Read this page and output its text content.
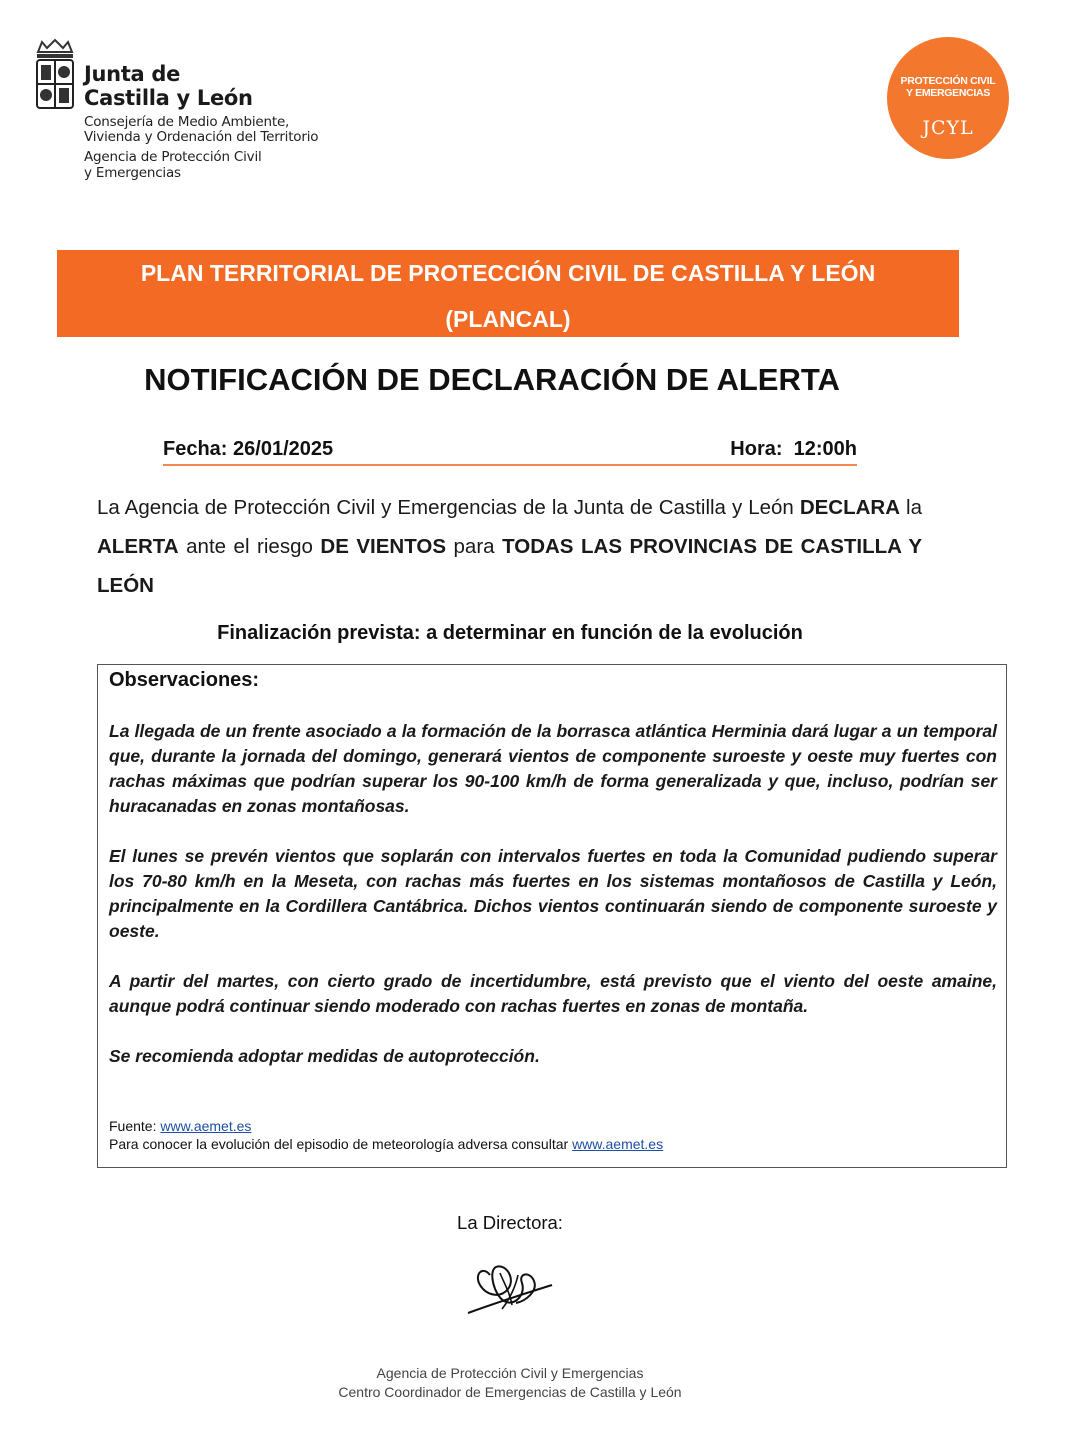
Junta de
Castilla y León
Consejería de Medio Ambiente,
Vivienda y Ordenación del Territorio
Agencia de Protección Civil
y Emergencias
PROTECCIÓN CIVIL
Y EMERGENCIAS
JCYL
PLAN TERRITORIAL DE PROTECCIÓN CIVIL DE CASTILLA Y LEÓN
(PLANCAL)
NOTIFICACIÓN DE DECLARACIÓN DE ALERTA
Fecha: 26/01/2025	Hora:  12:00h
La Agencia de Protección Civil y Emergencias de la Junta de Castilla y León DECLARA la ALERTA ante el riesgo DE VIENTOS para TODAS LAS PROVINCIAS DE CASTILLA Y LEÓN
Finalización prevista: a determinar en función de la evolución
Observaciones:
La llegada de un frente asociado a la formación de la borrasca atlántica Herminia dará lugar a un temporal que, durante la jornada del domingo, generará vientos de componente suroeste y oeste muy fuertes con rachas máximas que podrían superar los 90-100 km/h de forma generalizada y que, incluso, podrían ser huracanadas en zonas montañosas.
El lunes se prevén vientos que soplarán con intervalos fuertes en toda la Comunidad pudiendo superar los 70-80 km/h en la Meseta, con rachas más fuertes en los sistemas montañosos de Castilla y León, principalmente en la Cordillera Cantábrica. Dichos vientos continuarán siendo de componente suroeste y oeste.
A partir del martes, con cierto grado de incertidumbre, está previsto que el viento del oeste amaine, aunque podrá continuar siendo moderado con rachas fuertes en zonas de montaña.
Se recomienda adoptar medidas de autoprotección.
Fuente: www.aemet.es
Para conocer la evolución del episodio de meteorología adversa consultar www.aemet.es
La Directora:
Agencia de Protección Civil y Emergencias
Centro Coordinador de Emergencias de Castilla y León
